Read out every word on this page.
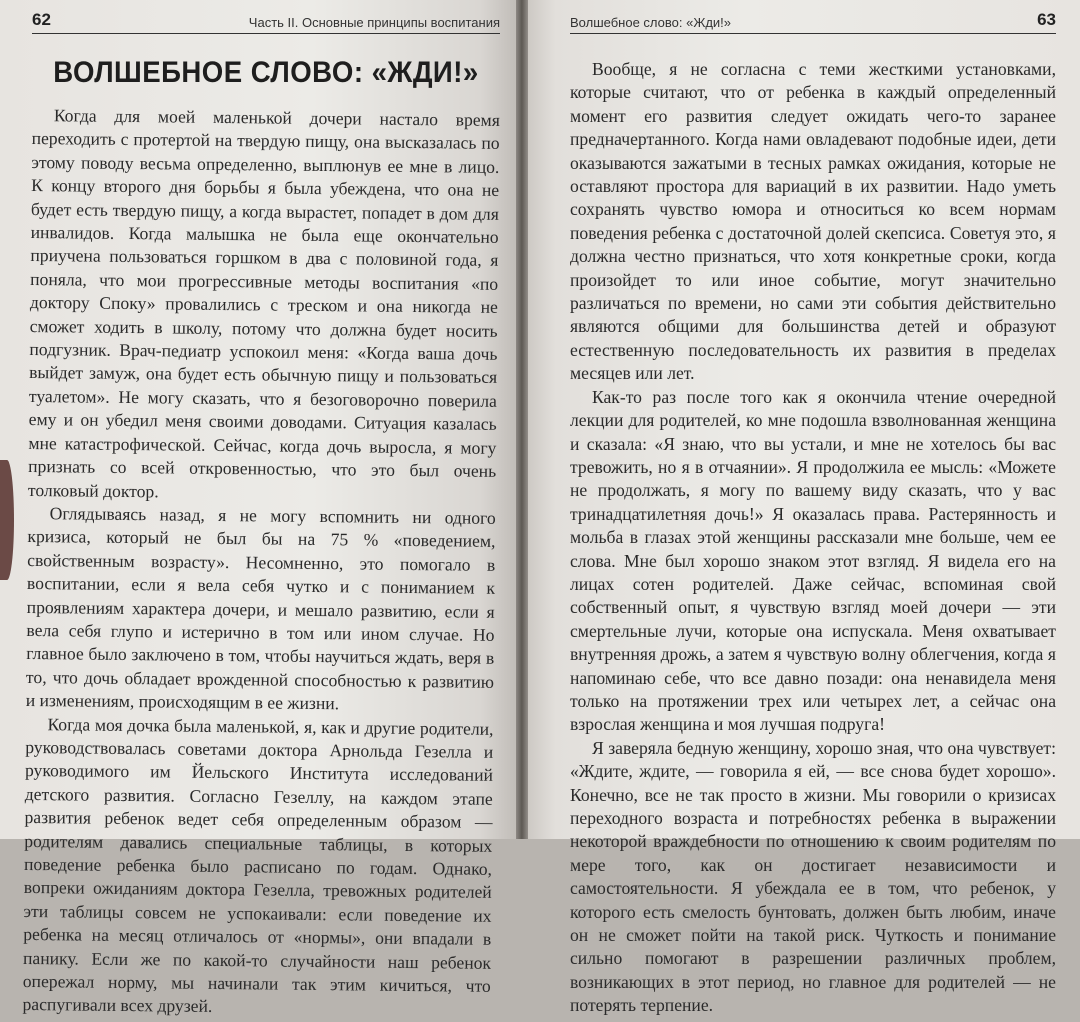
62	Часть II. Основные принципы воспитания
ВОЛШЕБНОЕ СЛОВО: «ЖДИ!»

Когда для моей маленькой дочери настало время переходить с протертой на твердую пищу, она высказалась по этому поводу весьма определенно, выплюнув ее мне в лицо. К концу второго дня борьбы я была убеждена, что она не будет есть твердую пищу, а когда вырастет, попадет в дом для инвалидов. Когда малышка не была еще окончательно приучена пользоваться горшком в два с половиной года, я поняла, что мои прогрессивные методы воспитания «по доктору Споку» провалились с треском и она никогда не сможет ходить в школу, потому что должна будет носить подгузник. Врач-педиатр успокоил меня: «Когда ваша дочь выйдет замуж, она будет есть обычную пищу и пользоваться туалетом». Не могу сказать, что я безоговорочно поверила ему и он убедил меня своими доводами. Ситуация казалась мне катастрофической. Сейчас, когда дочь выросла, я могу признать со всей откровенностью, что это был очень толковый доктор.

Оглядываясь назад, я не могу вспомнить ни одного кризиса, который не был бы на 75 % «поведением, свойственным возрасту». Несомненно, это помогало в воспитании, если я вела себя чутко и с пониманием к проявлениям характера дочери, и мешало развитию, если я вела себя глупо и истерично в том или ином случае. Но главное было заключено в том, чтобы научиться ждать, веря в то, что дочь обладает врожденной способностью к развитию и изменениям, происходящим в ее жизни.

Когда моя дочка была маленькой, я, как и другие родители, руководствовалась советами доктора Арнольда Гезелла и руководимого им Йельского Института исследований детского развития. Согласно Гезеллу, на каждом этапе развития ребенок ведет себя определенным образом — родителям давались специальные таблицы, в которых поведение ребенка было расписано по годам. Однако, вопреки ожиданиям доктора Гезелла, тревожных родителей эти таблицы совсем не успокаивали: если поведение их ребенка на месяц отличалось от «нормы», они впадали в панику. Если же по какой-то случайности наш ребенок опережал норму, мы начинали так этим кичиться, что распугивали всех друзей.

Волшебное слово: «Жди!»	63

Вообще, я не согласна с теми жесткими установками, которые считают, что от ребенка в каждый определенный момент его развития следует ожидать чего-то заранее предначертанного. Когда нами овладевают подобные идеи, дети оказываются зажатыми в тесных рамках ожидания, которые не оставляют простора для вариаций в их развитии. Надо уметь сохранять чувство юмора и относиться ко всем нормам поведения ребенка с достаточной долей скепсиса. Советуя это, я должна честно признаться, что хотя конкретные сроки, когда произойдет то или иное событие, могут значительно различаться по времени, но сами эти события действительно являются общими для большинства детей и образуют естественную последовательность их развития в пределах месяцев или лет.

Как-то раз после того как я окончила чтение очередной лекции для родителей, ко мне подошла взволнованная женщина и сказала: «Я знаю, что вы устали, и мне не хотелось бы вас тревожить, но я в отчаянии». Я продолжила ее мысль: «Можете не продолжать, я могу по вашему виду сказать, что у вас тринадцатилетняя дочь!» Я оказалась права. Растерянность и мольба в глазах этой женщины рассказали мне больше, чем ее слова. Мне был хорошо знаком этот взгляд. Я видела его на лицах сотен родителей. Даже сейчас, вспоминая свой собственный опыт, я чувствую взгляд моей дочери — эти смертельные лучи, которые она испускала. Меня охватывает внутренняя дрожь, а затем я чувствую волну облегчения, когда я напоминаю себе, что все давно позади: она ненавидела меня только на протяжении трех или четырех лет, а сейчас она взрослая женщина и моя лучшая подруга!

Я заверяла бедную женщину, хорошо зная, что она чувствует: «Ждите, ждите, — говорила я ей, — все снова будет хорошо». Конечно, все не так просто в жизни. Мы говорили о кризисах переходного возраста и потребностях ребенка в выражении некоторой враждебности по отношению к своим родителям по мере того, как он достигает независимости и самостоятельности. Я убеждала ее в том, что ребенок, у которого есть смелость бунтовать, должен быть любим, иначе он не сможет пойти на такой риск. Чуткость и понимание сильно помогают в разрешении различных проблем, возникающих в этот период, но главное для родителей — не потерять терпение.
